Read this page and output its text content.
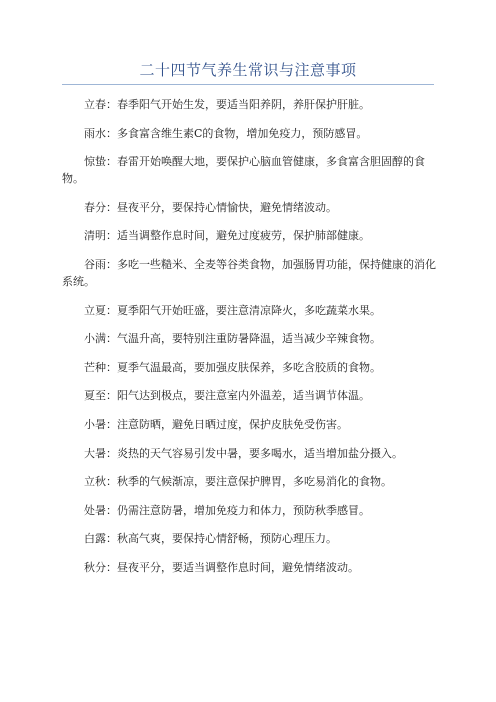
二十四节气养生常识与注意事项

立春：春季阳气开始生发，要适当阳养阴，养肝保护肝脏。

雨水：多食富含维生素C的食物，增加免疫力，预防感冒。

惊蛰：春雷开始唤醒大地，要保护心脑血管健康，多食富含胆固醇的食物。

春分：昼夜平分，要保持心情愉快，避免情绪波动。

清明：适当调整作息时间，避免过度疲劳，保护肺部健康。

谷雨：多吃一些糙米、全麦等谷类食物，加强肠胃功能，保持健康的消化系统。

立夏：夏季阳气开始旺盛，要注意清凉降火，多吃蔬菜水果。

小满：气温升高，要特别注重防暑降温，适当减少辛辣食物。

芒种：夏季气温最高，要加强皮肤保养，多吃含胶质的食物。

夏至：阳气达到极点，要注意室内外温差，适当调节体温。

小暑：注意防晒，避免日晒过度，保护皮肤免受伤害。

大暑：炎热的天气容易引发中暑，要多喝水，适当增加盐分摄入。

立秋：秋季的气候渐凉，要注意保护脾胃，多吃易消化的食物。

处暑：仍需注意防暑，增加免疫力和体力，预防秋季感冒。

白露：秋高气爽，要保持心情舒畅，预防心理压力。

秋分：昼夜平分，要适当调整作息时间，避免情绪波动。
